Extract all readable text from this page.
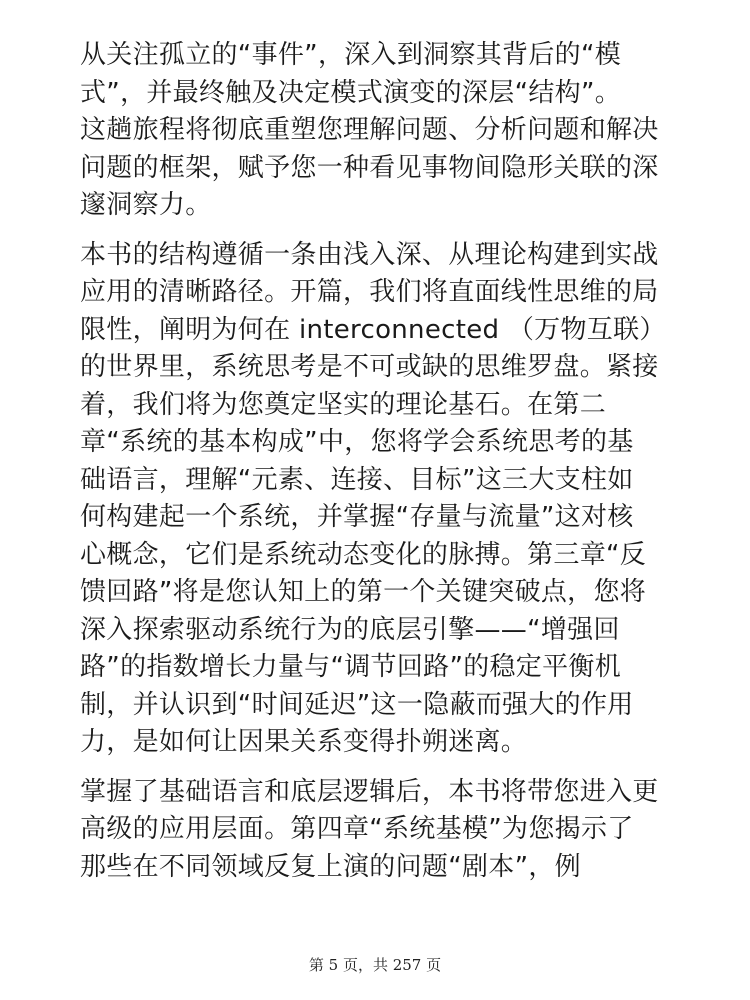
从关注孤立的“事件”，深入到洞察其背后的“模
式”，并最终触及决定模式演变的深层“结构”。
这趟旅程将彻底重塑您理解问题、分析问题和解决
问题的框架，赋予您一种看见事物间隐形关联的深
邃洞察力。
本书的结构遵循一条由浅入深、从理论构建到实战
应用的清晰路径。开篇，我们将直面线性思维的局
限性，阐明为何在 interconnected （万物互联）
的世界里，系统思考是不可或缺的思维罗盘。紧接
着，我们将为您奠定坚实的理论基石。在第二
章“系统的基本构成”中，您将学会系统思考的基
础语言，理解“元素、连接、目标”这三大支柱如
何构建起一个系统，并掌握“存量与流量”这对核
心概念，它们是系统动态变化的脉搏。第三章“反
馈回路”将是您认知上的第一个关键突破点，您将
深入探索驱动系统行为的底层引擎——“增强回
路”的指数增长力量与“调节回路”的稳定平衡机
制，并认识到“时间延迟”这一隐蔽而强大的作用
力，是如何让因果关系变得扑朔迷离。
掌握了基础语言和底层逻辑后，本书将带您进入更
高级的应用层面。第四章“系统基模”为您揭示了
那些在不同领域反复上演的问题“剧本”，例
第 5 页，共 257 页
